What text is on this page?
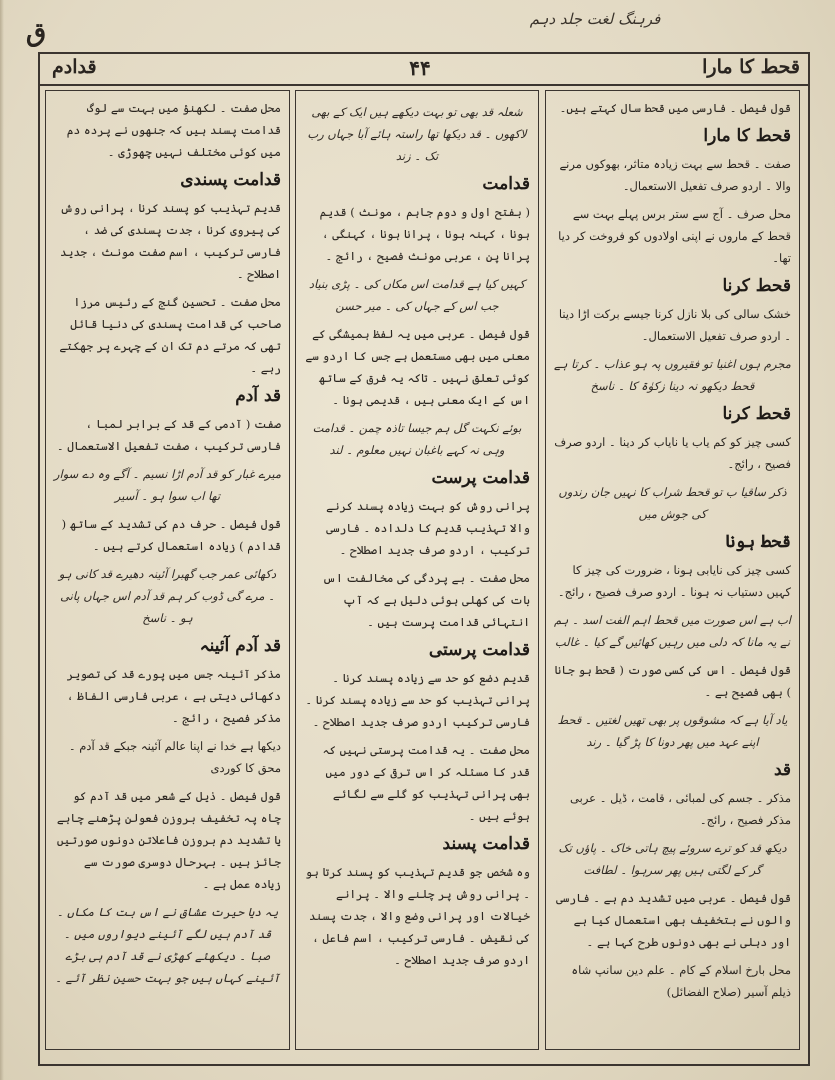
ق	فرہنگ لغت جلد دہم
قحط کا مارا
۴۴
قدادم
قول فیصل ۔ فارسی میں قحط سال کہتے ہیں۔
قحط کا مارا
صفت ۔ قحط سے بہت زیادہ متاثر، بھوکوں مرنے والا ۔ اردو صرف تفعیل الاستعمال۔
محل صرف ۔ آج سے ستر برس پہلے بہت سے قحط کے ماروں نے اپنی اولادوں کو فروخت کر دیا تھا۔
قحط کرنا
خشک سالی کی بلا نازل کرنا جیسے برکت اڑا دینا ۔ اردو صرف تفعیل الاستعمال۔
مجرم ہوں اغنیا تو فقیروں پہ ہو عذاب ۔ کرتا ہے قحط دیکھو نہ دینا زکوٰۃ کا ۔ ناسخ
قحط کرنا
کسی چیز کو کم یاب یا نایاب کر دینا ۔ اردو صرف فصیح ، رائج۔
ذکر ساقیا ب تو قحط شراب کا نہیں جان رندوں کی جوش میں
قحط ہونا
کسی چیز کی نایابی ہونا ، ضرورت کی چیز کا کہیں دستیاب نہ ہونا ۔ اردو صرف فصیح ، رائج۔
اب ہے اس صورت میں قحط اہم الفت اسد ۔ ہم نے یہ مانا کہ دلی میں رہیں کھائیں گے کیا ۔ غالب
قول فیصل ۔ اس کی کسی صورت ( قحط ہو جانا ) بھی فصیح ہے ۔
یاد آیا ہے کہ مشوقوں پر بھی تھیں لغتیں ۔ قحط اپنے عہد میں پھر دونا کا پڑ گیا ۔ رند
قد
مذکر ۔ جسم کی لمبائی ، قامت ، ڈیل ۔ عربی مذکر فصیح ، رائج۔
دیکھ قد کو ترے سروئے پیچ ہاتی خاک ۔ پاؤں تک گر کے لگتی ہیں پھر سرہوا ۔ لطافت
قول فیصل ۔ عربی میں تشدید دم ہے ۔ فارسی والوں نے بتخفیف بھی استعمال کیا ہے اور دہلی نے بھی دونوں طرح کہا ہے ۔
محل بارخ اسلام کے کام ۔ علم دین سانپ شاہ ذیلم آسیر (صلاح الفضائل)
شعلہ قد بھی تو بہت دیکھے ہیں ایک کے بھی لاکھوں ۔ قد دیکھا تھا راستہ ہائے آبا جہاں رب تک ۔ زند
قدامت
( بفتح اول و دوم جاہم ، مونث ) قدیم ہونا ، کہنہ ہونا ، پرانا ہونا ، کہنگی ، پرانا پن ، عربی مونث فصیح ، رائج ۔
کہیں کیا ہے قدامت اس مکاں کی ۔ پڑی بنیاد جب اس کے جہاں کی ۔ میر حسن
قول فیصل ۔ عربی میں یہ لفظ ہمیشگی کے معنی میں بھی مستعمل ہے جس کا اردو سے کوئی تعلق نہیں ۔ تاکہ یہ فرق کے ساتھ اس کے ایک معنی ہیں ، قدیمی ہونا ۔
بوئے نکہت گل ہم جیسا تاذہ چمن ۔ قدامت وہی نہ کہے باغبان نہیں معلوم ۔ لند
قدامت پرست
پرانی روش کو بہت زیادہ پسند کرنے والا تہذیب قدیم کا دلدادہ ۔ فارسی ترکیب ، اردو صرف جدید اصطلاح ۔
محل صفت ۔ بے پردگی کی مخالفت اس بات کی کھلی ہوئی دلیل ہے کہ آپ انتہائی قدامت پرست ہیں ۔
قدامت پرستی
قدیم دضع کو حد سے زیادہ پسند کرنا ۔ پرانی تہذیب کو حد سے زیادہ پسند کرنا ۔ فارسی ترکیب اردو صرف جدید اصطلاح ۔
محل صفت ۔ یہ قدامت پرستی نہیں کہ قدر کا مسئلہ کر اس ترقی کے دور میں بھی پرانی تہذیب کو گلے سے لگائے ہوئے ہیں ۔
قدامت پسند
وہ شخص جو قدیم تہذیب کو پسند کرتا ہو ۔ پرانی روش پر چلنے والا ۔ پرانے خیالات اور پرانی وضع والا ، جدت پسند کی نقیض ۔ فارسی ترکیب ، اسم فاعل ، اردو صرف جدید اصطلاح ۔
محل صفت ۔ لکھنؤ میں بہت سے لوگ قدامت پسند ہیں کہ جنھوں نے پردہ دم میں کوئی مختلف نہیں چھوڑی ۔
قدامت پسندی
قدیم تہذیب کو پسند کرنا ، پرانی روش کی پیروی کرنا ، جدت پسندی کی ضد ، فارسی ترکیب ، اسم صفت مونث ، جدید اصطلاح ۔
محل صفت ۔ تحسین گنج کے رئیس مرزا صاحب کی قدامت پسندی کی دنیا قائل تھی کہ مرتے دم تک ان کے چہرے پر جھکتے رہے ۔
قد آدم
صفت ( آدمی کے قد کے برابر لمبا ، فارسی ترکیب ، صفت تفعیل الاستعمال ۔
میرے غبار کو قد آدم اڑا نسیم ۔ آگے وہ دے سوار تھا اب سوا ہو ۔ آسیر
قول فیصل ۔ حرف دم کی تشدید کے ساتھ ( قدادم ) زیادہ استعمال کرتے ہیں ۔
دکھائی عمر جب گھبرا آئینہ دھیرے قد کانی ہو ۔ مرے گی ڈوب کر ہم قد آدم اس جہاں پانی ہو ۔ ناسخ
قد آدم آئینہ
مذکر آئینہ جس میں پورے قد کی تصویر دکھائی دیتی ہے ، عربی فارسی الفاظ ، مذکر فصیح ، رائج ۔
دیکھا ہے خدا نے اپنا عالم آئینہ جبکے قد آدم ۔ محق کا کوردی
قول فیصل ۔ ذیل کے شعر میں قد آدم کو چاہ پہ تخفیف بروزن فعولن پڑھنے چاہے یا تشدید دم بروزن فاعلاتن دونوں صورتیں جائز ہیں ۔ بہرحال دوسری صورت سے زیادہ عمل ہے ۔
یہ دیا حیرت عشاق نے اس بت کا مکاں ۔ قد آدم ہیں لگے آئینے دیواروں میں ۔ صبا ۔ دیکھئے کھڑی نے قد آدم ہی بڑے آئینے کہاں ہیں جو بہت حسین نظر آئے ۔
